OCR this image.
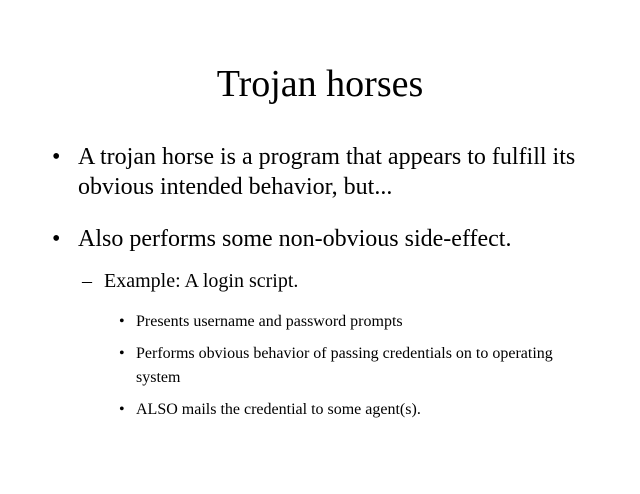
Trojan horses
• A trojan horse is a program that appears to fulfill its obvious intended behavior, but...
• Also performs some non-obvious side-effect.
– Example: A login script.
• Presents username and password prompts
• Performs obvious behavior of passing credentials on to operating system
• ALSO mails the credential to some agent(s).
